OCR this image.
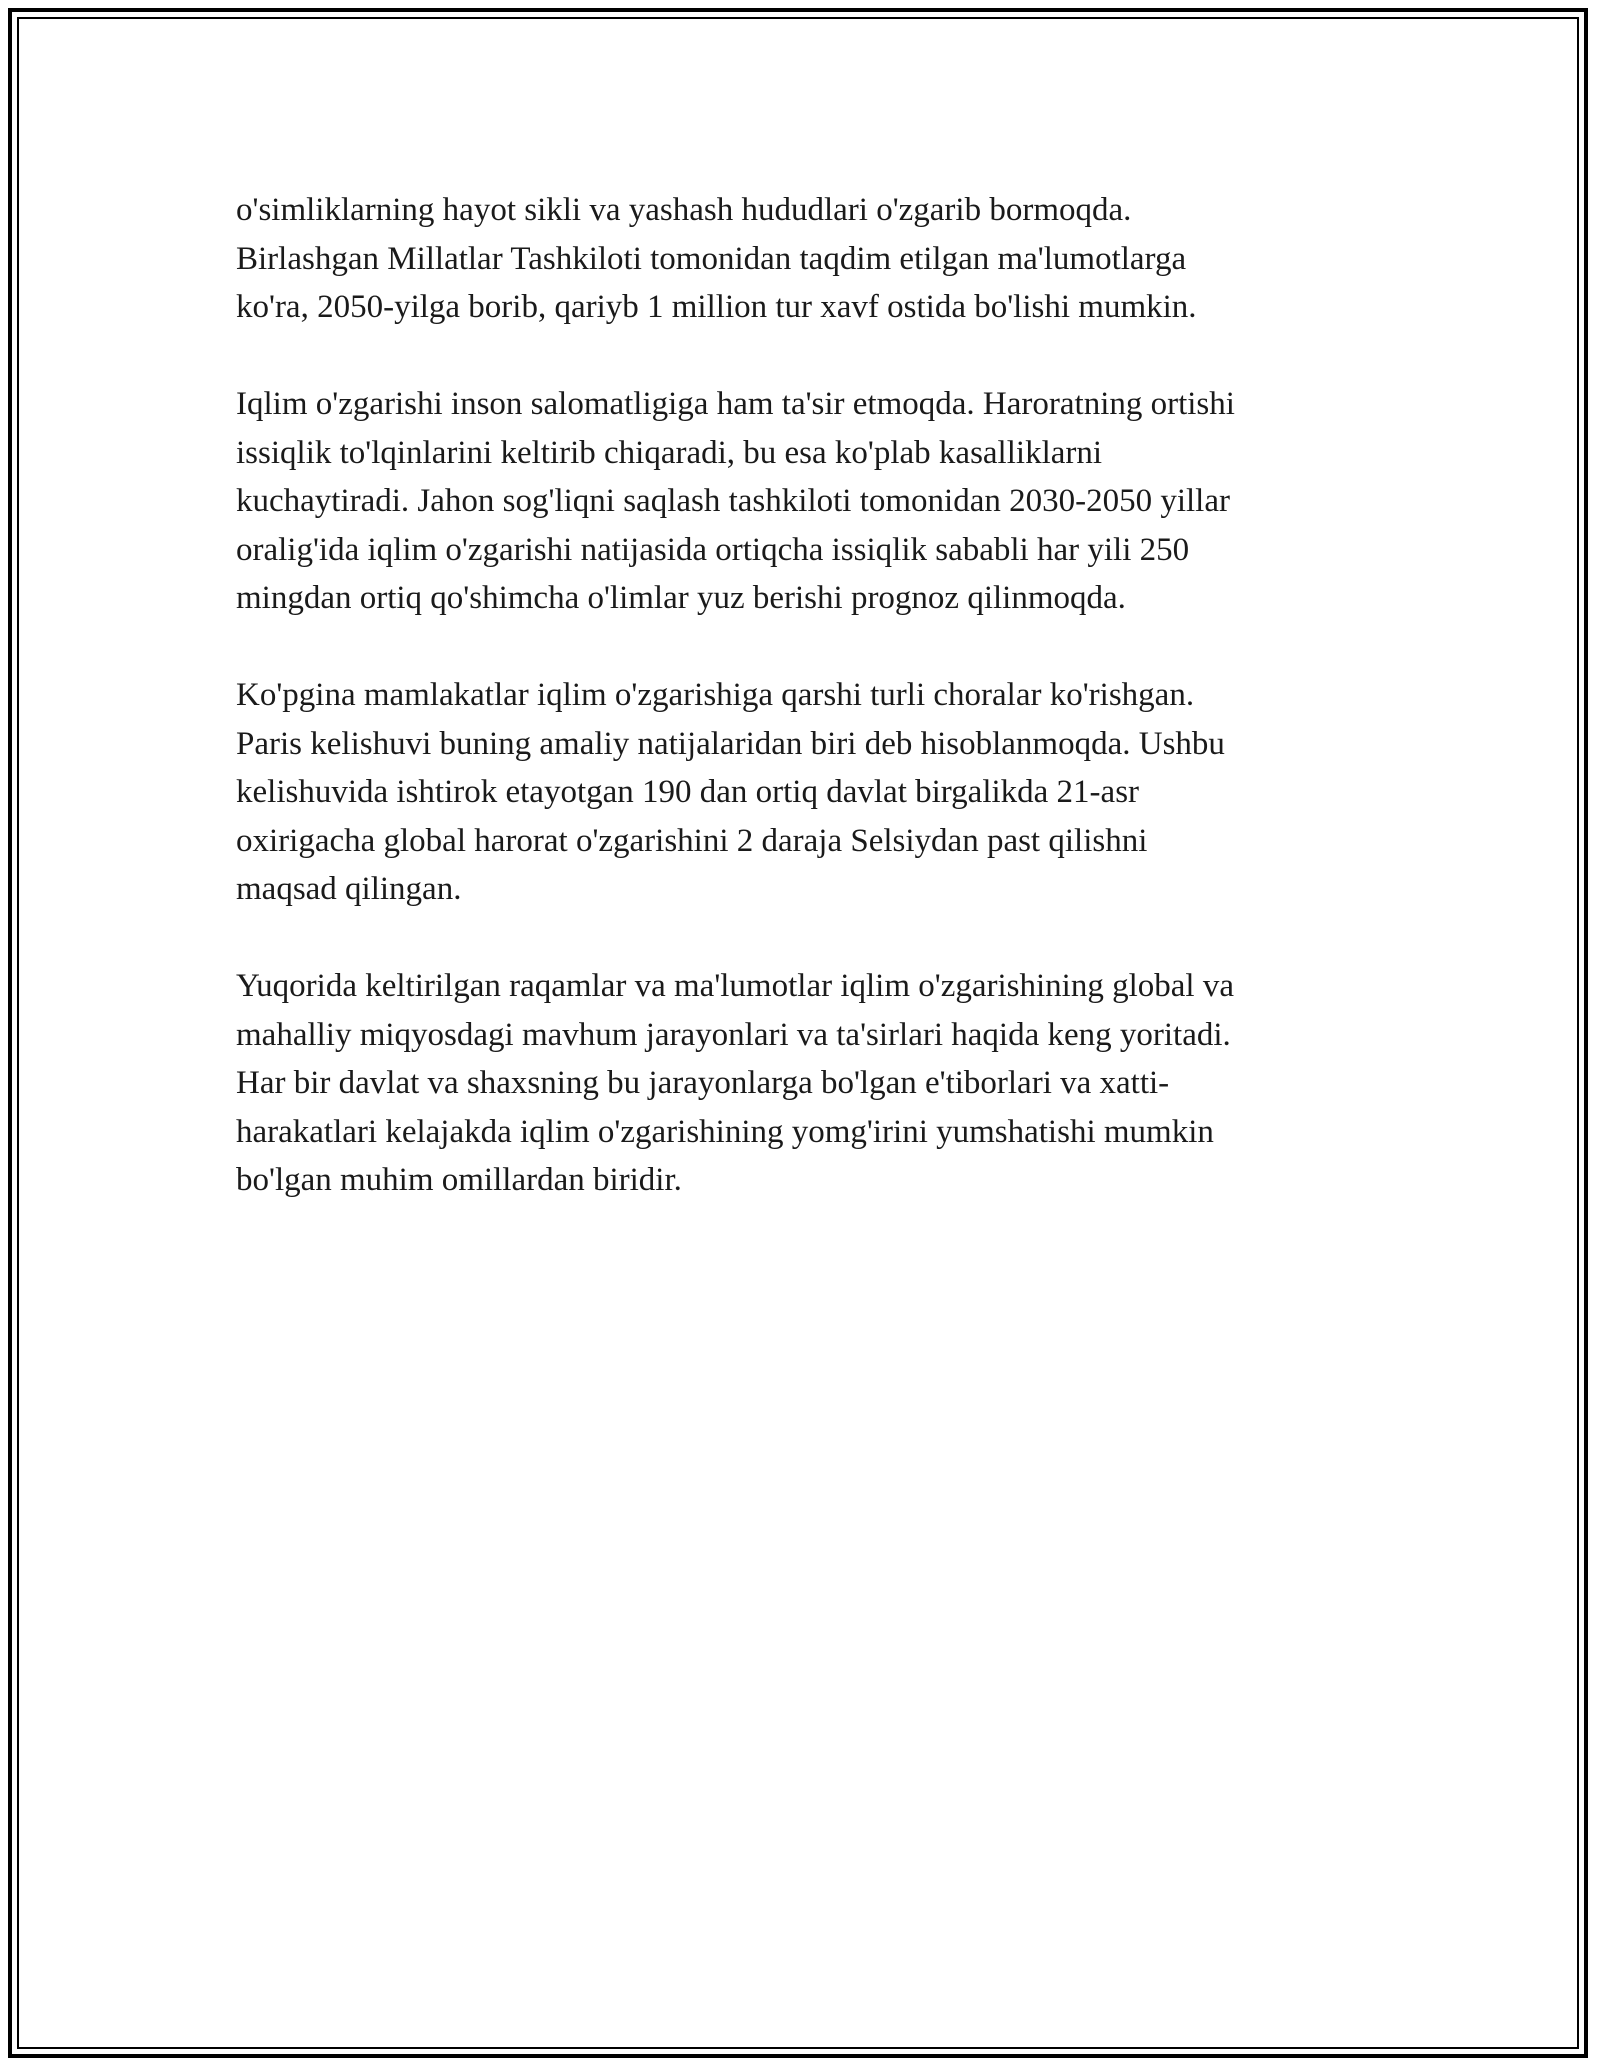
o'simliklarning hayot sikli va yashash hududlari o'zgarib bormoqda.
Birlashgan Millatlar Tashkiloti tomonidan taqdim etilgan ma'lumotlarga
ko'ra, 2050-yilga borib, qariyb 1 million tur xavf ostida bo'lishi mumkin.

Iqlim o'zgarishi inson salomatligiga ham ta'sir etmoqda. Haroratning ortishi
issiqlik to'lqinlarini keltirib chiqaradi, bu esa ko'plab kasalliklarni
kuchaytiradi. Jahon sog'liqni saqlash tashkiloti tomonidan 2030-2050 yillar
oralig'ida iqlim o'zgarishi natijasida ortiqcha issiqlik sababli har yili 250
mingdan ortiq qo'shimcha o'limlar yuz berishi prognoz qilinmoqda.

Ko'pgina mamlakatlar iqlim o'zgarishiga qarshi turli choralar ko'rishgan.
Paris kelishuvi buning amaliy natijalaridan biri deb hisoblanmoqda. Ushbu
kelishuvida ishtirok etayotgan 190 dan ortiq davlat birgalikda 21-asr
oxirigacha global harorat o'zgarishini 2 daraja Selsiydan past qilishni
maqsad qilingan.

Yuqorida keltirilgan raqamlar va ma'lumotlar iqlim o'zgarishining global va
mahalliy miqyosdagi mavhum jarayonlari va ta'sirlari haqida keng yoritadi.
Har bir davlat va shaxsning bu jarayonlarga bo'lgan e'tiborlari va xatti-
harakatlari kelajakda iqlim o'zgarishining yomg'irini yumshatishi mumkin
bo'lgan muhim omillardan biridir.
